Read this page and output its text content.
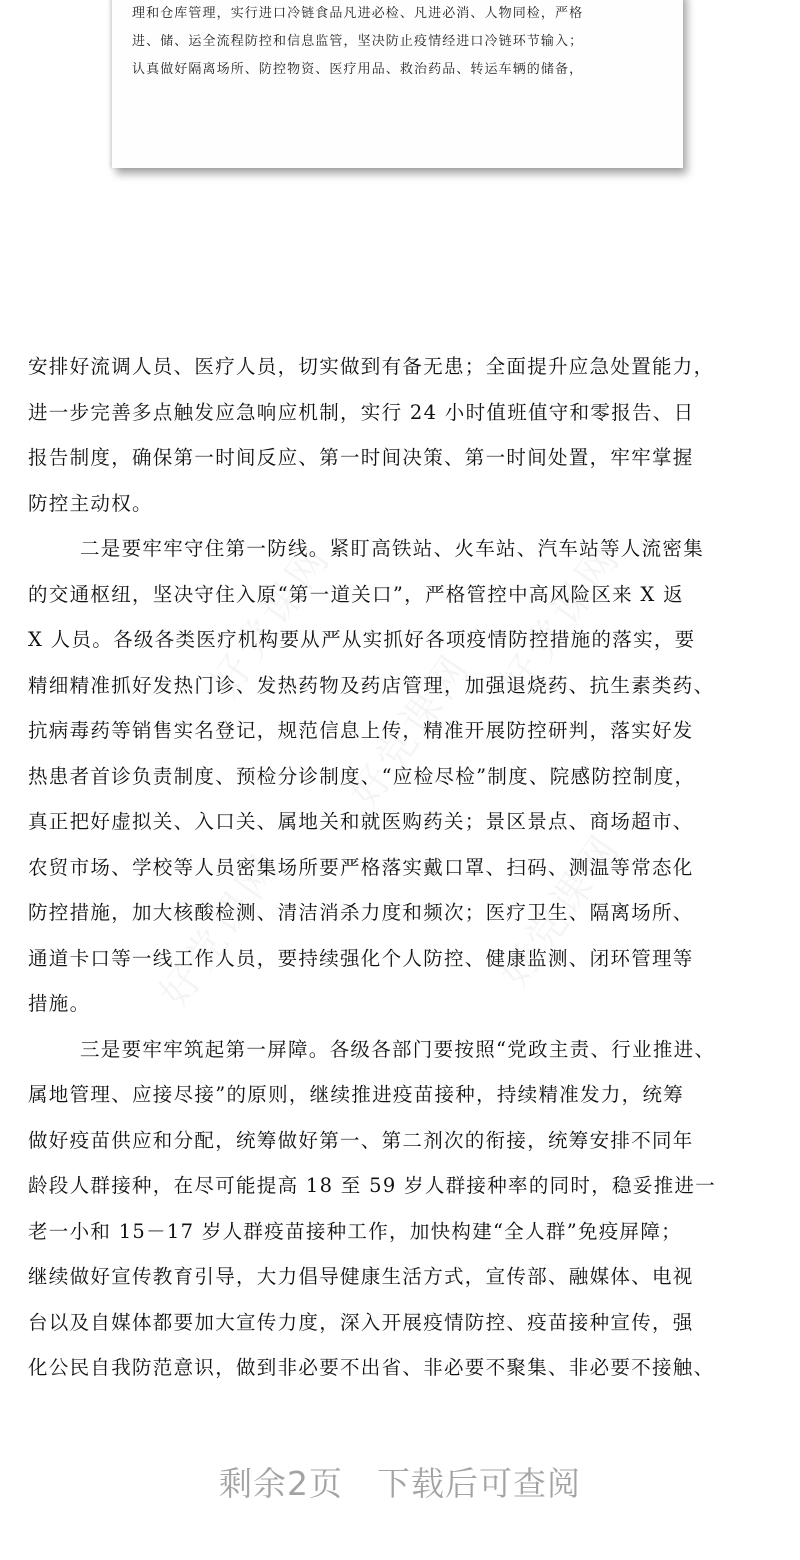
理和仓库管理，实行进口冷链食品凡进必检、凡进必消、人物同检，严格
进、储、运全流程防控和信息监管，坚决防止疫情经进口冷链环节输入；
认真做好隔离场所、防控物资、医疗用品、救治药品、转运车辆的储备，
安排好流调人员、医疗人员，切实做到有备无患；全面提升应急处置能力，
进一步完善多点触发应急响应机制，实行 24 小时值班值守和零报告、日
报告制度，确保第一时间反应、第一时间决策、第一时间处置，牢牢掌握
防控主动权。
二是要牢牢守住第一防线。紧盯高铁站、火车站、汽车站等人流密集
的交通枢纽，坚决守住入原“第一道关口”，严格管控中高风险区来 X 返
X 人员。各级各类医疗机构要从严从实抓好各项疫情防控措施的落实，要
精细精准抓好发热门诊、发热药物及药店管理，加强退烧药、抗生素类药、
抗病毒药等销售实名登记，规范信息上传，精准开展防控研判，落实好发
热患者首诊负责制度、预检分诊制度、“应检尽检”制度、院感防控制度，
真正把好虚拟关、入口关、属地关和就医购药关；景区景点、商场超市、
农贸市场、学校等人员密集场所要严格落实戴口罩、扫码、测温等常态化
防控措施，加大核酸检测、清洁消杀力度和频次；医疗卫生、隔离场所、
通道卡口等一线工作人员，要持续强化个人防控、健康监测、闭环管理等
措施。
三是要牢牢筑起第一屏障。各级各部门要按照“党政主责、行业推进、
属地管理、应接尽接”的原则，继续推进疫苗接种，持续精准发力，统筹
做好疫苗供应和分配，统筹做好第一、第二剂次的衔接，统筹安排不同年
龄段人群接种，在尽可能提高 18 至 59 岁人群接种率的同时，稳妥推进一
老一小和 15－17 岁人群疫苗接种工作，加快构建“全人群”免疫屏障；
继续做好宣传教育引导，大力倡导健康生活方式，宣传部、融媒体、电视
台以及自媒体都要加大宣传力度，深入开展疫情防控、疫苗接种宣传，强
化公民自我防范意识，做到非必要不出省、非必要不聚集、非必要不接触、
剩余2页 下载后可查阅
